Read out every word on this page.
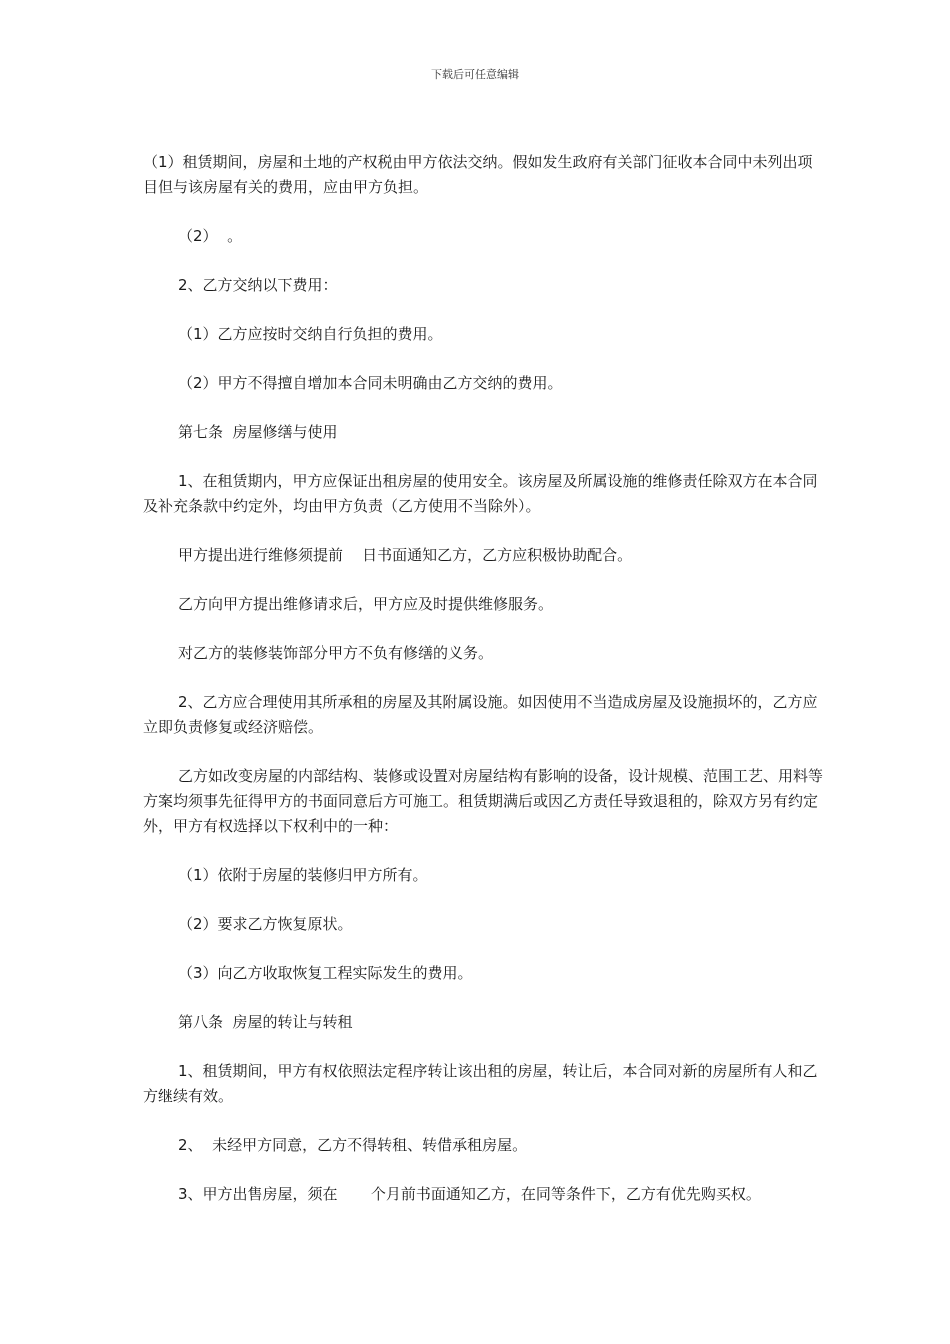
下载后可任意编辑

（1）租赁期间，房屋和土地的产权税由甲方依法交纳。假如发生政府有关部门征收本合同中未列出项目但与该房屋有关的费用，应由甲方负担。

（2）  。

2、乙方交纳以下费用：

（1）乙方应按时交纳自行负担的费用。

（2）甲方不得擅自增加本合同未明确由乙方交纳的费用。

第七条  房屋修缮与使用

1、在租赁期内，甲方应保证出租房屋的使用安全。该房屋及所属设施的维修责任除双方在本合同及补充条款中约定外，均由甲方负责（乙方使用不当除外）。

甲方提出进行维修须提前    日书面通知乙方，乙方应积极协助配合。

乙方向甲方提出维修请求后，甲方应及时提供维修服务。

对乙方的装修装饰部分甲方不负有修缮的义务。

2、乙方应合理使用其所承租的房屋及其附属设施。如因使用不当造成房屋及设施损坏的，乙方应立即负责修复或经济赔偿。

乙方如改变房屋的内部结构、装修或设置对房屋结构有影响的设备，设计规模、范围工艺、用料等方案均须事先征得甲方的书面同意后方可施工。租赁期满后或因乙方责任导致退租的，除双方另有约定外，甲方有权选择以下权利中的一种：

（1）依附于房屋的装修归甲方所有。

（2）要求乙方恢复原状。

（3）向乙方收取恢复工程实际发生的费用。

第八条  房屋的转让与转租

1、租赁期间，甲方有权依照法定程序转让该出租的房屋，转让后，本合同对新的房屋所有人和乙方继续有效。

2、  未经甲方同意，乙方不得转租、转借承租房屋。

3、甲方出售房屋，须在       个月前书面通知乙方，在同等条件下，乙方有优先购买权。
